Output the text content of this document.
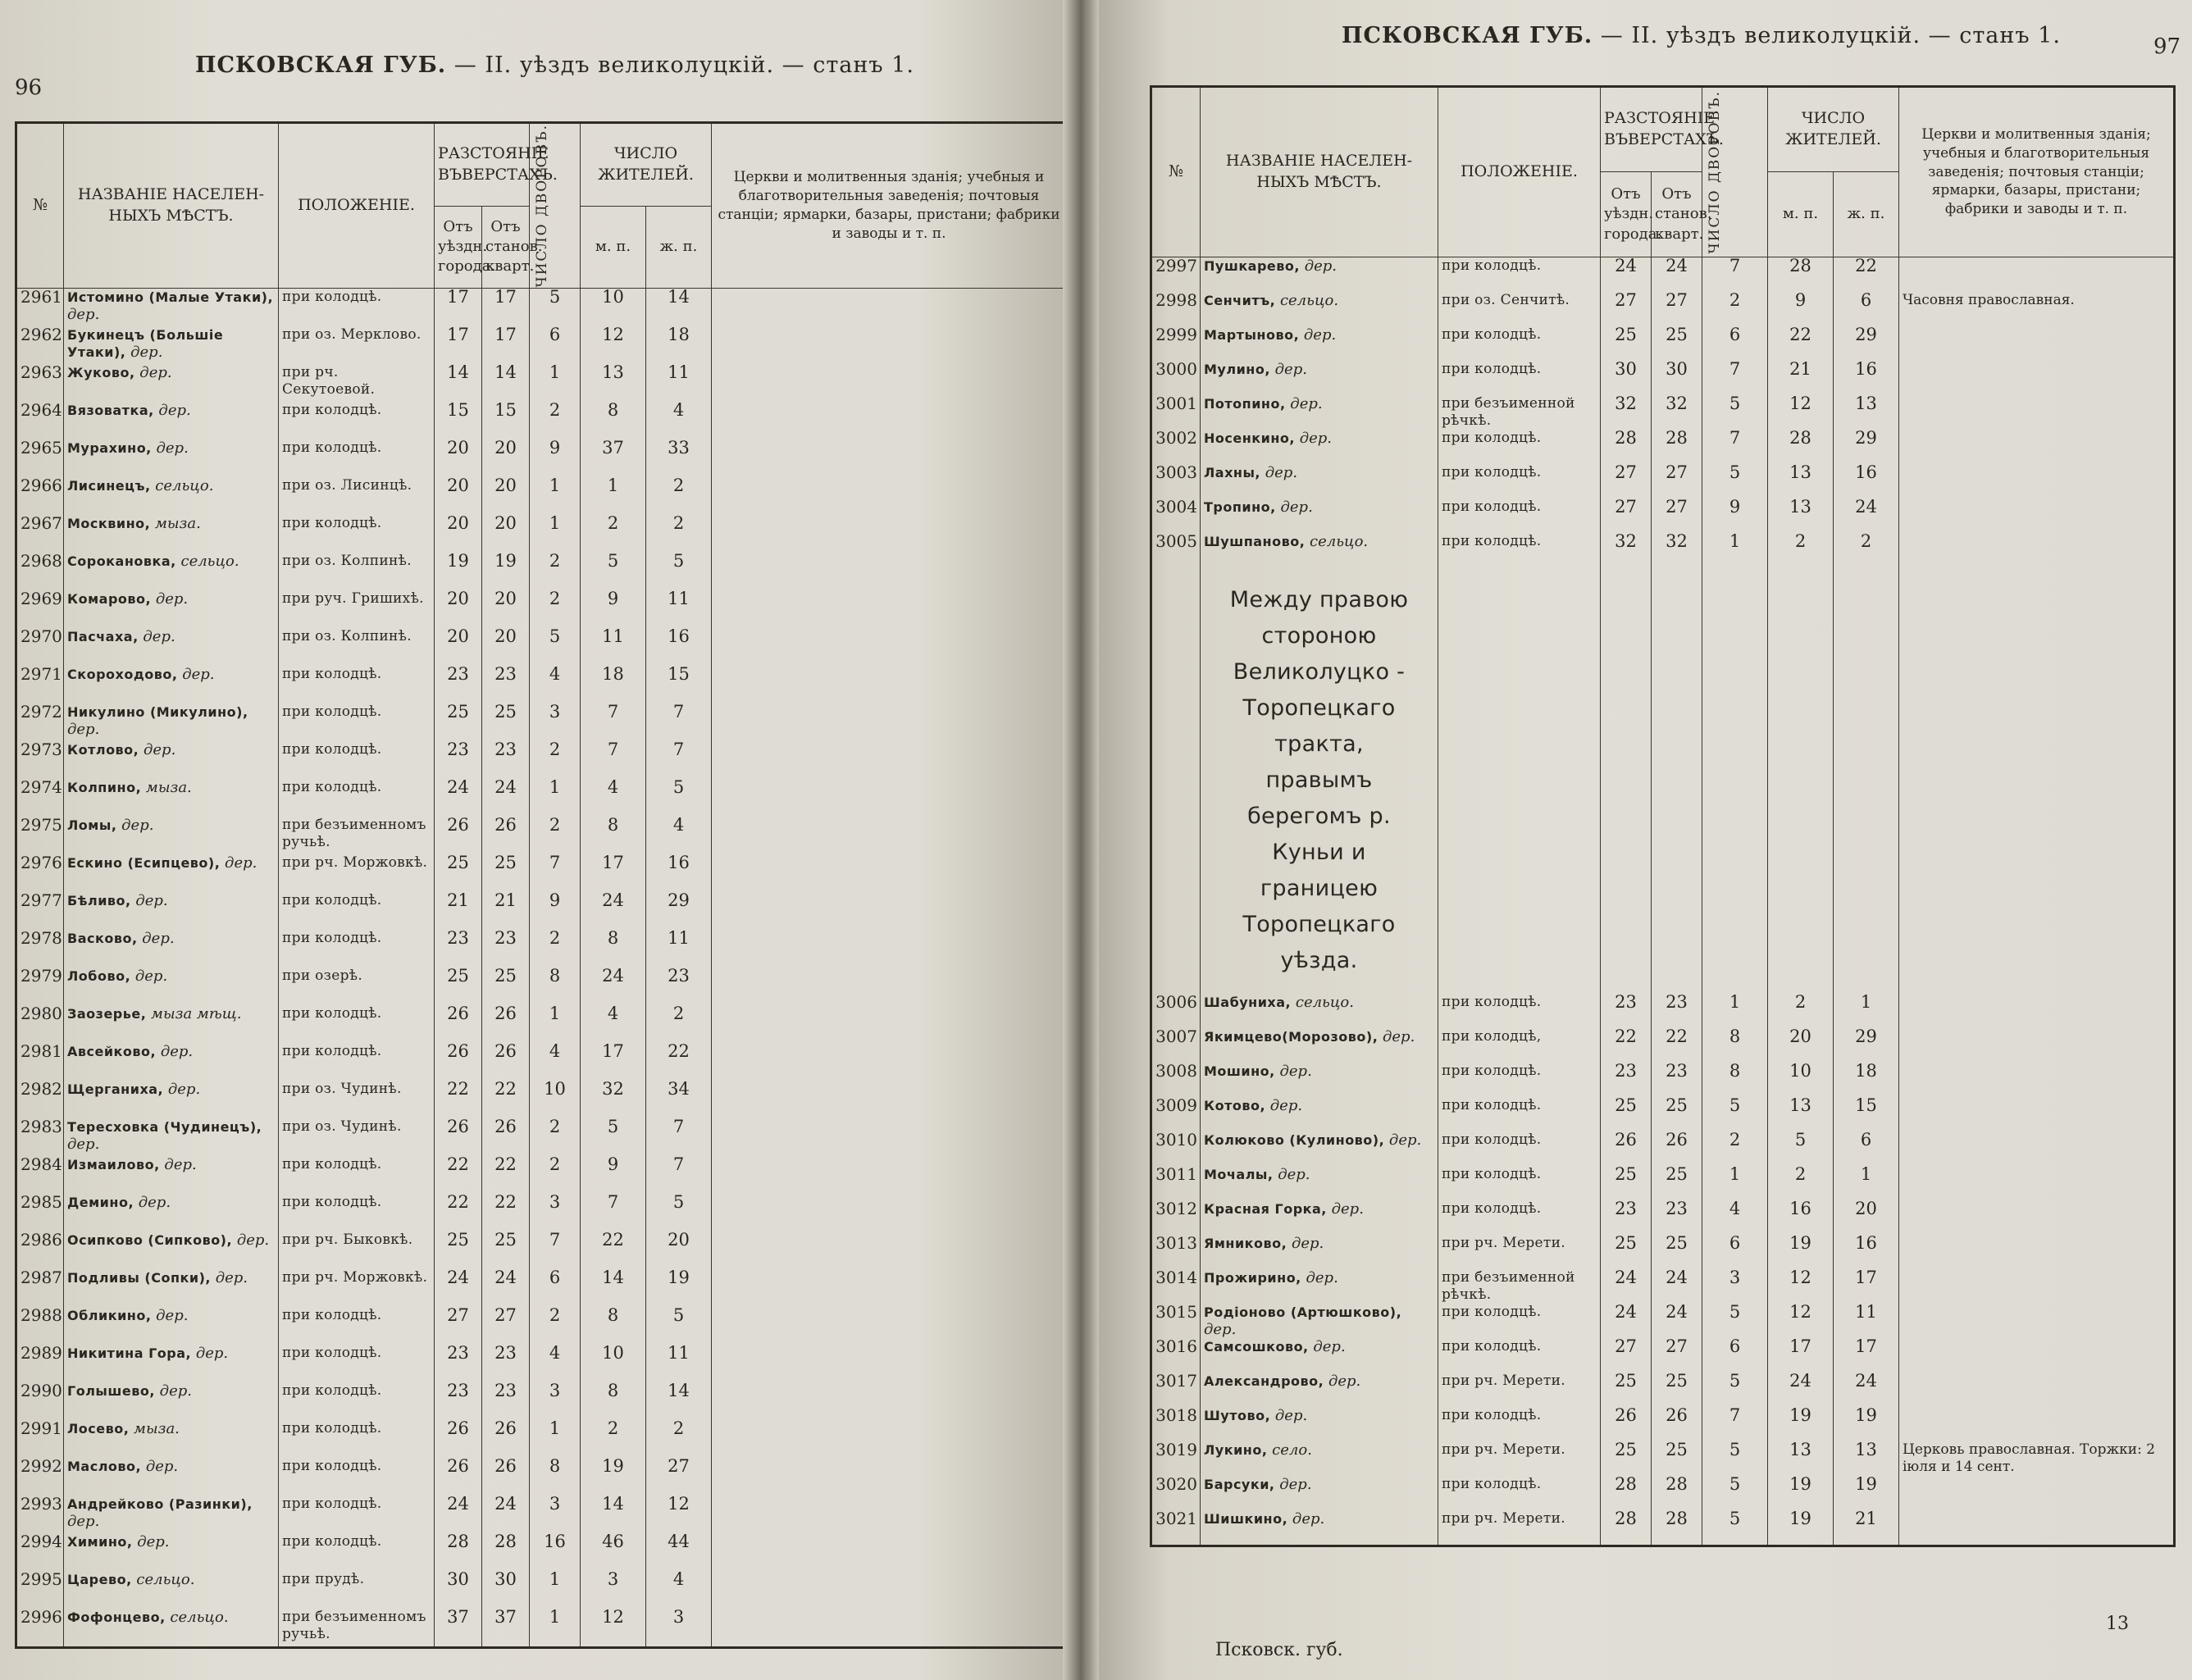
96
ПСКОВСКАЯ ГУБ. — II. уѣздъ великолуцкій. — станъ 1.
№	НАЗВАНІЕ НАСЕЛЕН-НЫХЪ МѢСТЪ.	ПОЛОЖЕНІЕ.	РАЗСТОЯНІЕ ВЪВЕРСТАХЪ.		ЧИСЛО ДВОРОВЪ.	ЧИСЛО ЖИТЕЛЕЙ.		Церкви и молитвенныя зданія; учебныя и благотворительныя заведенія; почтовыя станціи; ярмарки, базары, пристани; фабрики и заводы и т. п.
			Отъ уѣздн. города.	Отъ станов. кварт.		м. п.	ж. п.	
2961	Истомино (Малые Утаки), дер.	при колодцѣ.	17	17	5	10	14	
2962	Букинецъ (Большіе Утаки), дер.	при оз. Мерклово.	17	17	6	12	18	
2963	Жуково, дер.	при рч. Секутоевой.	14	14	1	13	11	
2964	Вязоватка, дер.	при колодцѣ.	15	15	2	8	4	
2965	Мурахино, дер.	при колодцѣ.	20	20	9	37	33	
2966	Лисинецъ, сельцо.	при оз. Лисинцѣ.	20	20	1	1	2	
2967	Москвино, мыза.	при колодцѣ.	20	20	1	2	2	
2968	Сорокановка, сельцо.	при оз. Колпинѣ.	19	19	2	5	5	
2969	Комарово, дер.	при руч. Гришихѣ.	20	20	2	9	11	
2970	Пасчаха, дер.	при оз. Колпинѣ.	20	20	5	11	16	
2971	Скороходово, дер.	при колодцѣ.	23	23	4	18	15	
2972	Никулино (Микулино), дер.	при колодцѣ.	25	25	3	7	7	
2973	Котлово, дер.	при колодцѣ.	23	23	2	7	7	
2974	Колпино, мыза.	при колодцѣ.	24	24	1	4	5	
2975	Ломы, дер.	при безъименномъ ручьѣ.	26	26	2	8	4	
2976	Ескино (Есипцево), дер.	при рч. Моржовкѣ.	25	25	7	17	16	
2977	Бѣливо, дер.	при колодцѣ.	21	21	9	24	29	
2978	Васково, дер.	при колодцѣ.	23	23	2	8	11	
2979	Лобово, дер.	при озерѣ.	25	25	8	24	23	
2980	Заозерье, мыза мѣщ.	при колодцѣ.	26	26	1	4	2	
2981	Авсейково, дер.	при колодцѣ.	26	26	4	17	22	
2982	Щерганиха, дер.	при оз. Чудинѣ.	22	22	10	32	34	
2983	Тересховка (Чудинецъ), дер.	при оз. Чудинѣ.	26	26	2	5	7	
2984	Измаилово, дер.	при колодцѣ.	22	22	2	9	7	
2985	Демино, дер.	при колодцѣ.	22	22	3	7	5	
2986	Осипково (Сипково), дер.	при рч. Быковкѣ.	25	25	7	22	20	
2987	Подливы (Сопки), дер.	при рч. Моржовкѣ.	24	24	6	14	19	
2988	Обликино, дер.	при колодцѣ.	27	27	2	8	5	
2989	Никитина Гора, дер.	при колодцѣ.	23	23	4	10	11	
2990	Голышево, дер.	при колодцѣ.	23	23	3	8	14	
2991	Лосево, мыза.	при колодцѣ.	26	26	1	2	2	
2992	Маслово, дер.	при колодцѣ.	26	26	8	19	27	
2993	Андрейково (Разинки), дер.	при колодцѣ.	24	24	3	14	12	
2994	Химино, дер.	при колодцѣ.	28	28	16	46	44	
2995	Царево, сельцо.	при прудѣ.	30	30	1	3	4	
2996	Фофонцево, сельцо.	при безъименномъ ручьѣ.	37	37	1	12	3	
ПСКОВСКАЯ ГУБ. — II. уѣздъ великолуцкій. — станъ 1.	97
№	НАЗВАНІЕ НАСЕЛЕН-НЫХЪ МѢСТЪ.	ПОЛОЖЕНІЕ.	РАЗСТОЯНІЕ ВЪВЕРСТАХЪ.		ЧИСЛО ДВОРОВЪ.	ЧИСЛО ЖИТЕЛЕЙ.		Церкви и молитвенныя зданія; учебныя и благотворительныя заведенія; почтовыя станціи; ярмарки, базары, пристани; фабрики и заводы и т. п.
			Отъ уѣздн. города.	Отъ станов. кварт.		м. п.	ж. п.	
2997	Пушкарево, дер.	при колодцѣ.	24	24	7	28	22	
2998	Сенчитъ, сельцо.	при оз. Сенчитѣ.	27	27	2	9	6	Часовня православная.
2999	Мартыново, дер.	при колодцѣ.	25	25	6	22	29	
3000	Мулино, дер.	при колодцѣ.	30	30	7	21	16	
3001	Потопино, дер.	при безъименной рѣчкѣ.	32	32	5	12	13	
3002	Носенкино, дер.	при колодцѣ.	28	28	7	28	29	
3003	Лахны, дер.	при колодцѣ.	27	27	5	13	16	
3004	Тропино, дер.	при колодцѣ.	27	27	9	13	24	
3005	Шушпаново, сельцо.	при колодцѣ.	32	32	1	2	2	

	Между правою стороною Великолуцко - Торопецкаго тракта, правымъ берегомъ р. Куньи и границею Торопецкаго уѣзда.							

3006	Шабуниха, сельцо.	при колодцѣ.	23	23	1	2	1	
3007	Якимцево(Морозово), дер.	при колодцѣ,	22	22	8	20	29	
3008	Мошино, дер.	при колодцѣ.	23	23	8	10	18	
3009	Котово, дер.	при колодцѣ.	25	25	5	13	15	
3010	Колюково (Кулиново), дер.	при колодцѣ.	26	26	2	5	6	
3011	Мочалы, дер.	при колодцѣ.	25	25	1	2	1	
3012	Красная Горка, дер.	при колодцѣ.	23	23	4	16	20	
3013	Ямниково, дер.	при рч. Мерети.	25	25	6	19	16	
3014	Прожирино, дер.	при безъименной рѣчкѣ.	24	24	3	12	17	
3015	Родіоново (Артюшково), дер.	при колодцѣ.	24	24	5	12	11	
3016	Самсошково, дер.	при колодцѣ.	27	27	6	17	17	
3017	Александрово, дер.	при рч. Мерети.	25	25	5	24	24	
3018	Шутово, дер.	при колодцѣ.	26	26	7	19	19	
3019	Лукино, село.	при рч. Мерети.	25	25	5	13	13	Церковь православная. Торжки: 2 іюля и 14 сент.
3020	Барсуки, дер.	при колодцѣ.	28	28	5	19	19	
3021	Шишкино, дер.	при рч. Мерети.	28	28	5	19	21	
Псковск. губ.
13
